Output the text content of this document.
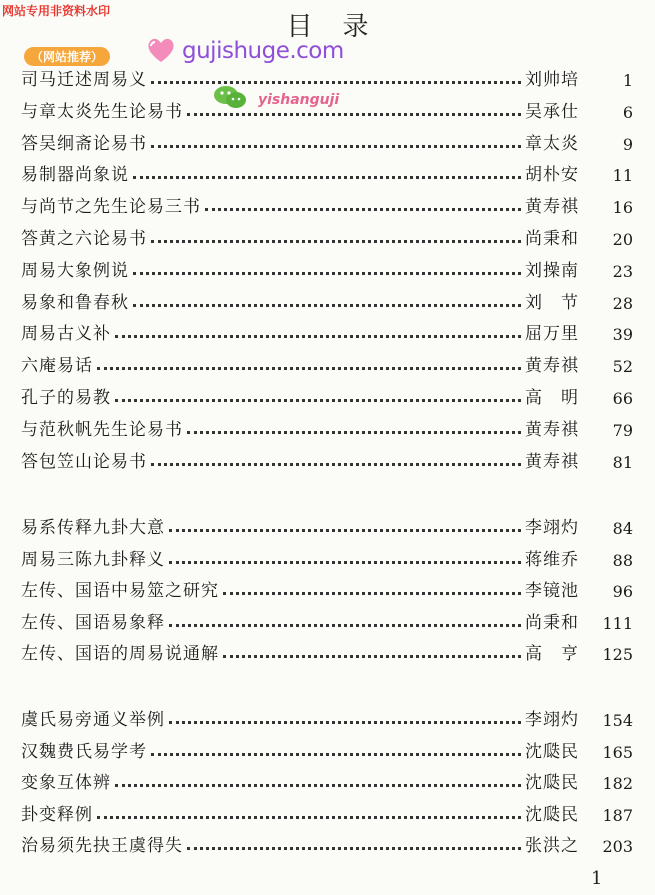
网站专用非资料水印
（网站推荐）	gujishuge.com
yishanguji
目录
司马迁述周易义	刘帅培	1
与章太炎先生论易书	吴承仕	6
答吴䌹斋论易书	章太炎	9
易制器尚象说	胡朴安	11
与尚节之先生论易三书	黄寿祺	16
答黄之六论易书	尚秉和	20
周易大象例说	刘操南	23
易象和鲁春秋	刘　节	28
周易古义补	屈万里	39
六庵易话	黄寿祺	52
孔子的易教	高　明	66
与范秋帆先生论易书	黄寿祺	79
答包笠山论易书	黄寿祺	81
易系传释九卦大意	李翊灼	84
周易三陈九卦释义	蒋维乔	88
左传、国语中易筮之研究	李镜池	96
左传、国语易象释	尚秉和	111
左传、国语的周易说通解	高　亨	125
虞氏易旁通义举例	李翊灼	154
汉魏费氏易学考	沈瓞民	165
变象互体辨	沈瓞民	182
卦变释例	沈瓞民	187
治易须先抉王虞得失	张洪之	203
1
